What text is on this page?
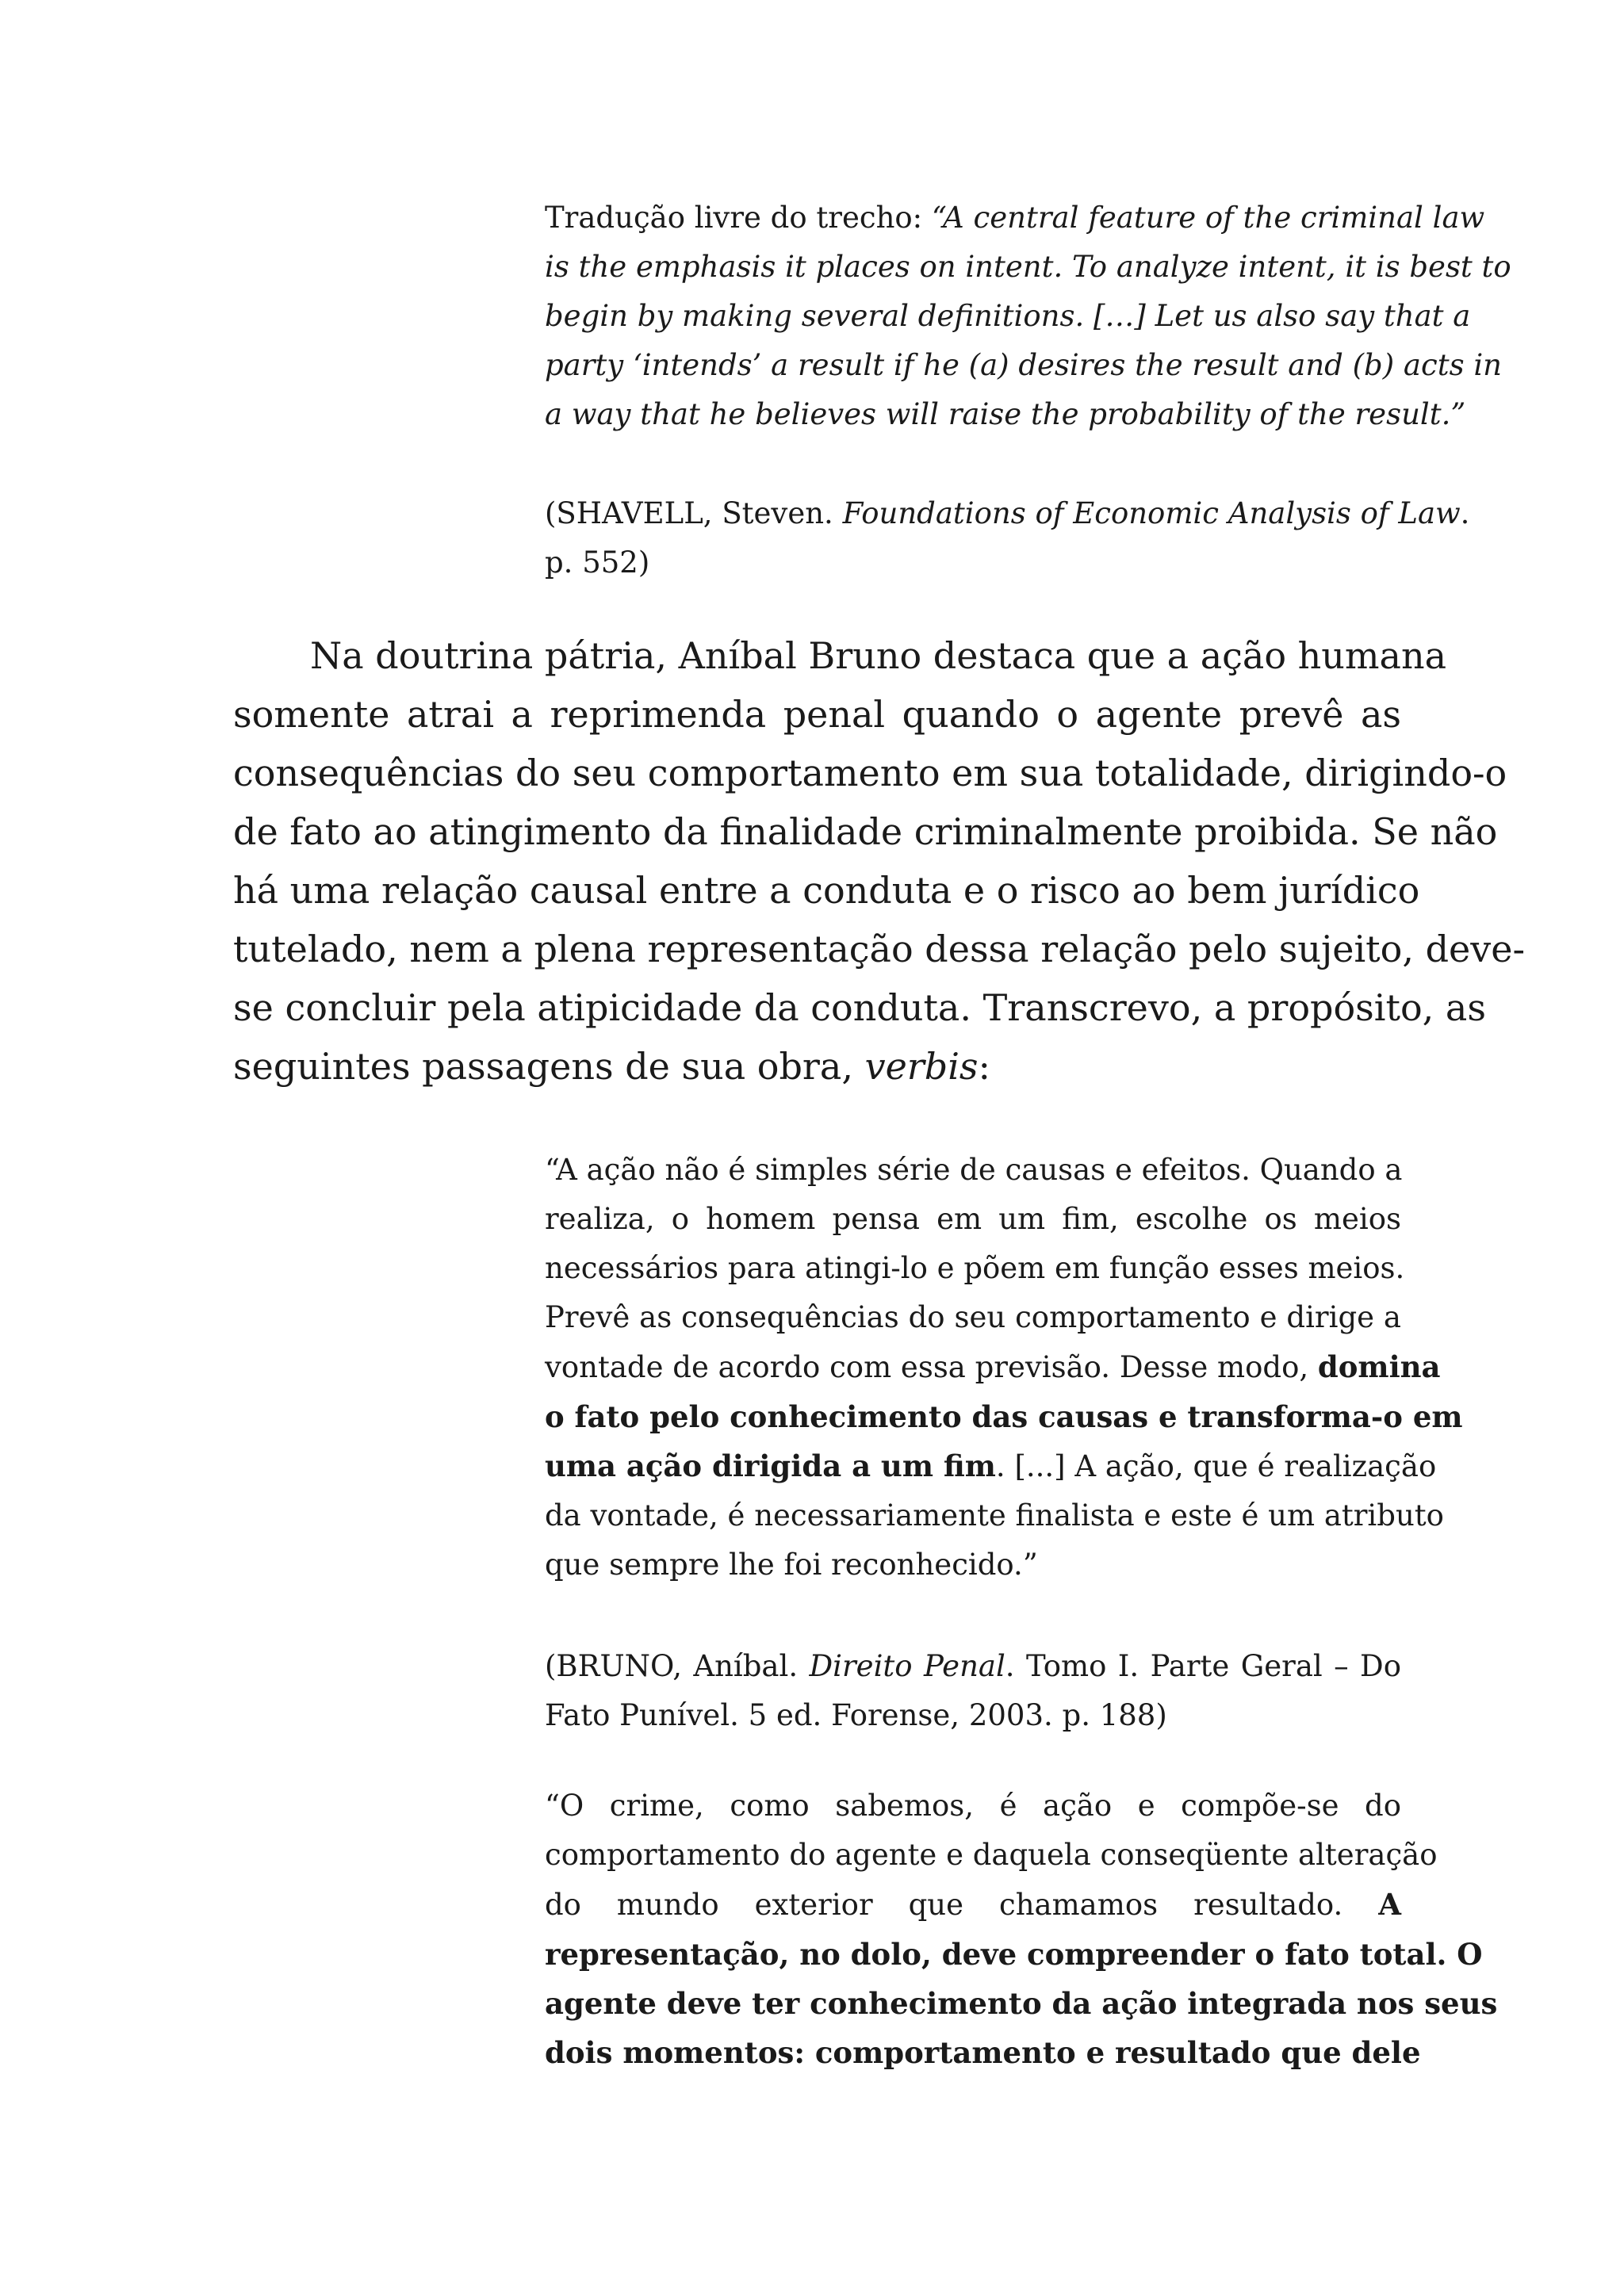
Tradução livre do trecho: “A central feature of the criminal law
is the emphasis it places on intent. To analyze intent, it is best to
begin by making several definitions. […] Let us also say that a
party ‘intends’ a result if he (a) desires the result and (b) acts in
a way that he believes will raise the probability of the result.”
(SHAVELL, Steven. Foundations of Economic Analysis of Law.
p. 552)
Na doutrina pátria, Aníbal Bruno destaca que a ação humana
somente atrai a reprimenda penal quando o agente prevê as
consequências do seu comportamento em sua totalidade, dirigindo-o
de fato ao atingimento da finalidade criminalmente proibida. Se não
há uma relação causal entre a conduta e o risco ao bem jurídico
tutelado, nem a plena representação dessa relação pelo sujeito, deve-
se concluir pela atipicidade da conduta. Transcrevo, a propósito, as
seguintes passagens de sua obra, verbis:
“A ação não é simples série de causas e efeitos. Quando a
realiza, o homem pensa em um fim, escolhe os meios
necessários para atingi-lo e põem em função esses meios.
Prevê as consequências do seu comportamento e dirige a
vontade de acordo com essa previsão. Desse modo, domina
o fato pelo conhecimento das causas e transforma-o em
uma ação dirigida a um fim. [...] A ação, que é realização
da vontade, é necessariamente finalista e este é um atributo
que sempre lhe foi reconhecido.”
(BRUNO, Aníbal. Direito Penal. Tomo I. Parte Geral – Do
Fato Punível. 5 ed. Forense, 2003. p. 188)
“O crime, como sabemos, é ação e compõe-se do
comportamento do agente e daquela conseqüente alteração
do mundo exterior que chamamos resultado. A
representação, no dolo, deve compreender o fato total. O
agente deve ter conhecimento da ação integrada nos seus
dois momentos: comportamento e resultado que dele
